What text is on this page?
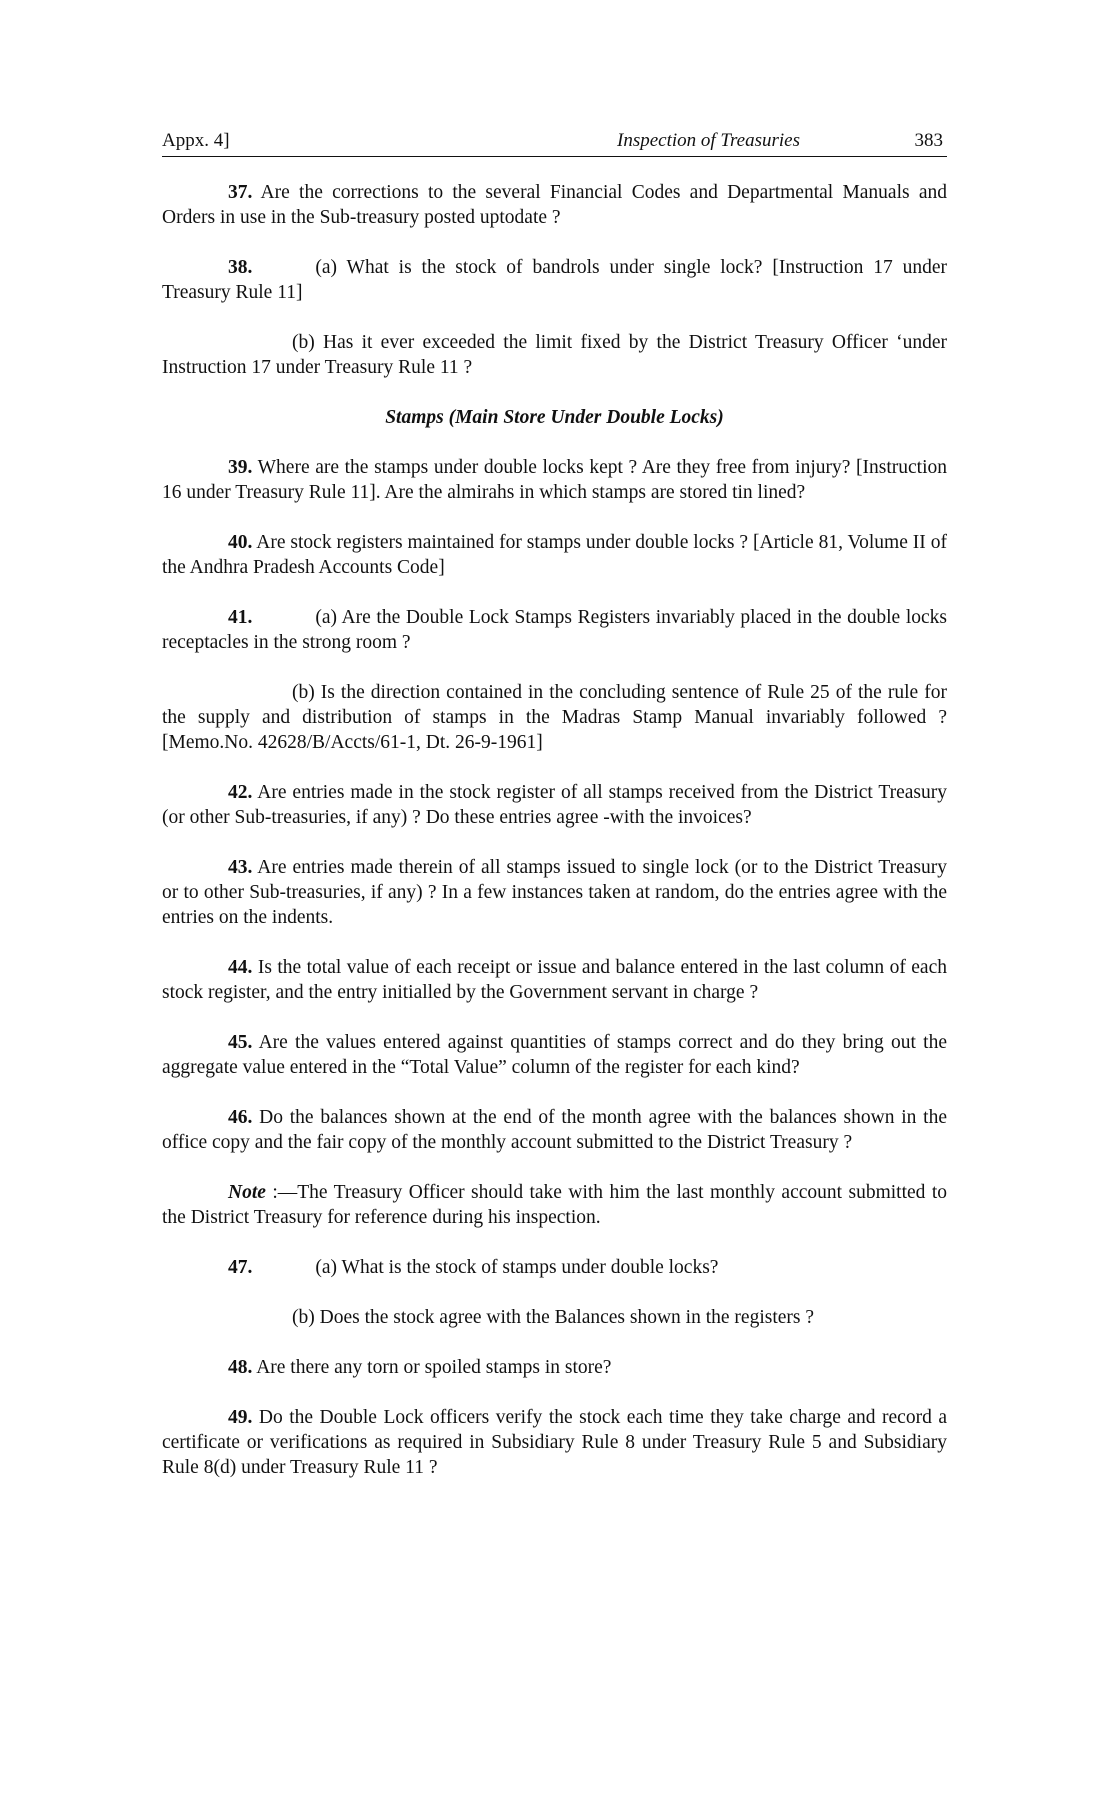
Appx. 4]	Inspection of Treasuries	383

37. Are the corrections to the several Financial Codes and Departmental Manuals and Orders in use in the Sub-treasury posted uptodate ?

38.	(a) What is the stock of bandrols under single lock? [Instruction 17 under Treasury Rule 11]

(b) Has it ever exceeded the limit fixed by the District Treasury Officer ‘under Instruction 17 under Treasury Rule 11 ?

Stamps (Main Store Under Double Locks)

39. Where are the stamps under double locks kept ? Are they free from injury? [Instruction 16 under Treasury Rule 11]. Are the almirahs in which stamps are stored tin lined?

40. Are stock registers maintained for stamps under double locks ? [Article 81, Volume II of the Andhra Pradesh Accounts Code]

41.	(a) Are the Double Lock Stamps Registers invariably placed in the double locks receptacles in the strong room ?

(b) Is the direction contained in the concluding sentence of Rule 25 of the rule for the supply and distribution of stamps in the Madras Stamp Manual invariably followed ? [Memo.No. 42628/B/Accts/61-1, Dt. 26-9-1961]

42. Are entries made in the stock register of all stamps received from the District Treasury (or other Sub-treasuries, if any) ? Do these entries agree -with the invoices?

43. Are entries made therein of all stamps issued to single lock (or to the District Treasury or to other Sub-treasuries, if any) ? In a few instances taken at random, do the entries agree with the entries on the indents.

44. Is the total value of each receipt or issue and balance entered in the last column of each stock register, and the entry initialled by the Government servant in charge ?

45. Are the values entered against quantities of stamps correct and do they bring out the aggregate value entered in the “Total Value” column of the register for each kind?

46. Do the balances shown at the end of the month agree with the balances shown in the office copy and the fair copy of the monthly account submitted to the District Treasury ?

Note :—The Treasury Officer should take with him the last monthly account submitted to the District Treasury for reference during his inspection.

47.	(a) What is the stock of stamps under double locks?

(b) Does the stock agree with the Balances shown in the registers ?

48. Are there any torn or spoiled stamps in store?

49. Do the Double Lock officers verify the stock each time they take charge and record a certificate or verifications as required in Subsidiary Rule 8 under Treasury Rule 5 and Subsidiary Rule 8(d) under Treasury Rule 11 ?
